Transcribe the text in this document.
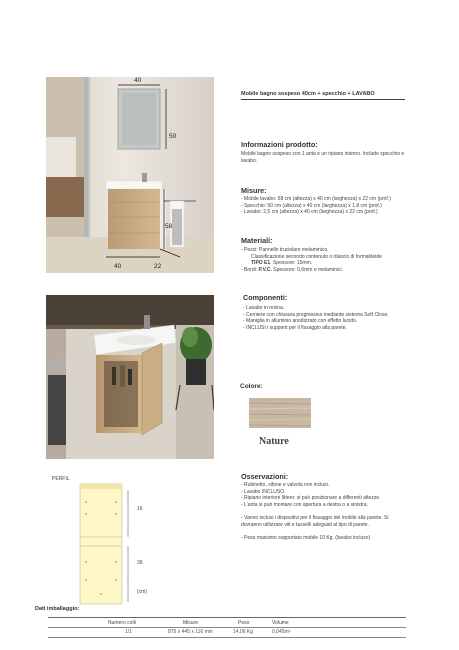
40
50
58
40	22
Mobile bagno sospeso 40cm + specchio + LAVABO
Informazioni prodotto:
Mobile bagno sospeso con 1 anta e un ripiano interno. Include specchio e lavabo.
Misure:
- Mobile lavabo: 58 cm (altezza) x 40 cm (larghezza) x 22 cm (prof.)
- Specchio: 50 cm (altezza) x 40 cm (larghezza) x 1,8 cm (prof.)
- Lavabo: 2,5 cm (altezza) x 40 cm (larghezza) x 22 cm (prof.)
Materiali:
- Pezzi: Pannello truciolare melaminico.
Classificazione secondo contenuto o rilascio di formaldeide
TIPO E1. Spessore: 15mm.
- Bordi: P.V.C. Spessore: 0,6mm e melaminici.
Componenti:
- Lavabo in resina.
- Cerniere con chiusura progressiva mediante sistema Soft Close.
- Maniglia in alluminio anodizzato con effetto lucido.
- INCLUSI i supporti per il fissaggio alla parete.
Colore:
Nature
Osservazioni:
- Rubinetto, sifone e valvola non inclusi.
- Lavabo INCLUSO.
- Ripiano interiore libero: si può posizionare a differenti altezze.
- L'anta si può montare con apertura a destra o a sinistra.
- Vanno inclusi i dispositivi per il fissaggio del mobile alla parete. Si
dovranno utilizzare viti e tasselli adeguati al tipo di parete.
- Peso massimo sopportato mobile 10 Kg. (lavabo incluso)
PERFIL
16
39
(cm)
Dati imballaggio:
Numero colli	Misure	Peso	Volume
1/1	875 x 445 x 116 mm	14,06 Kg	0,045m³
